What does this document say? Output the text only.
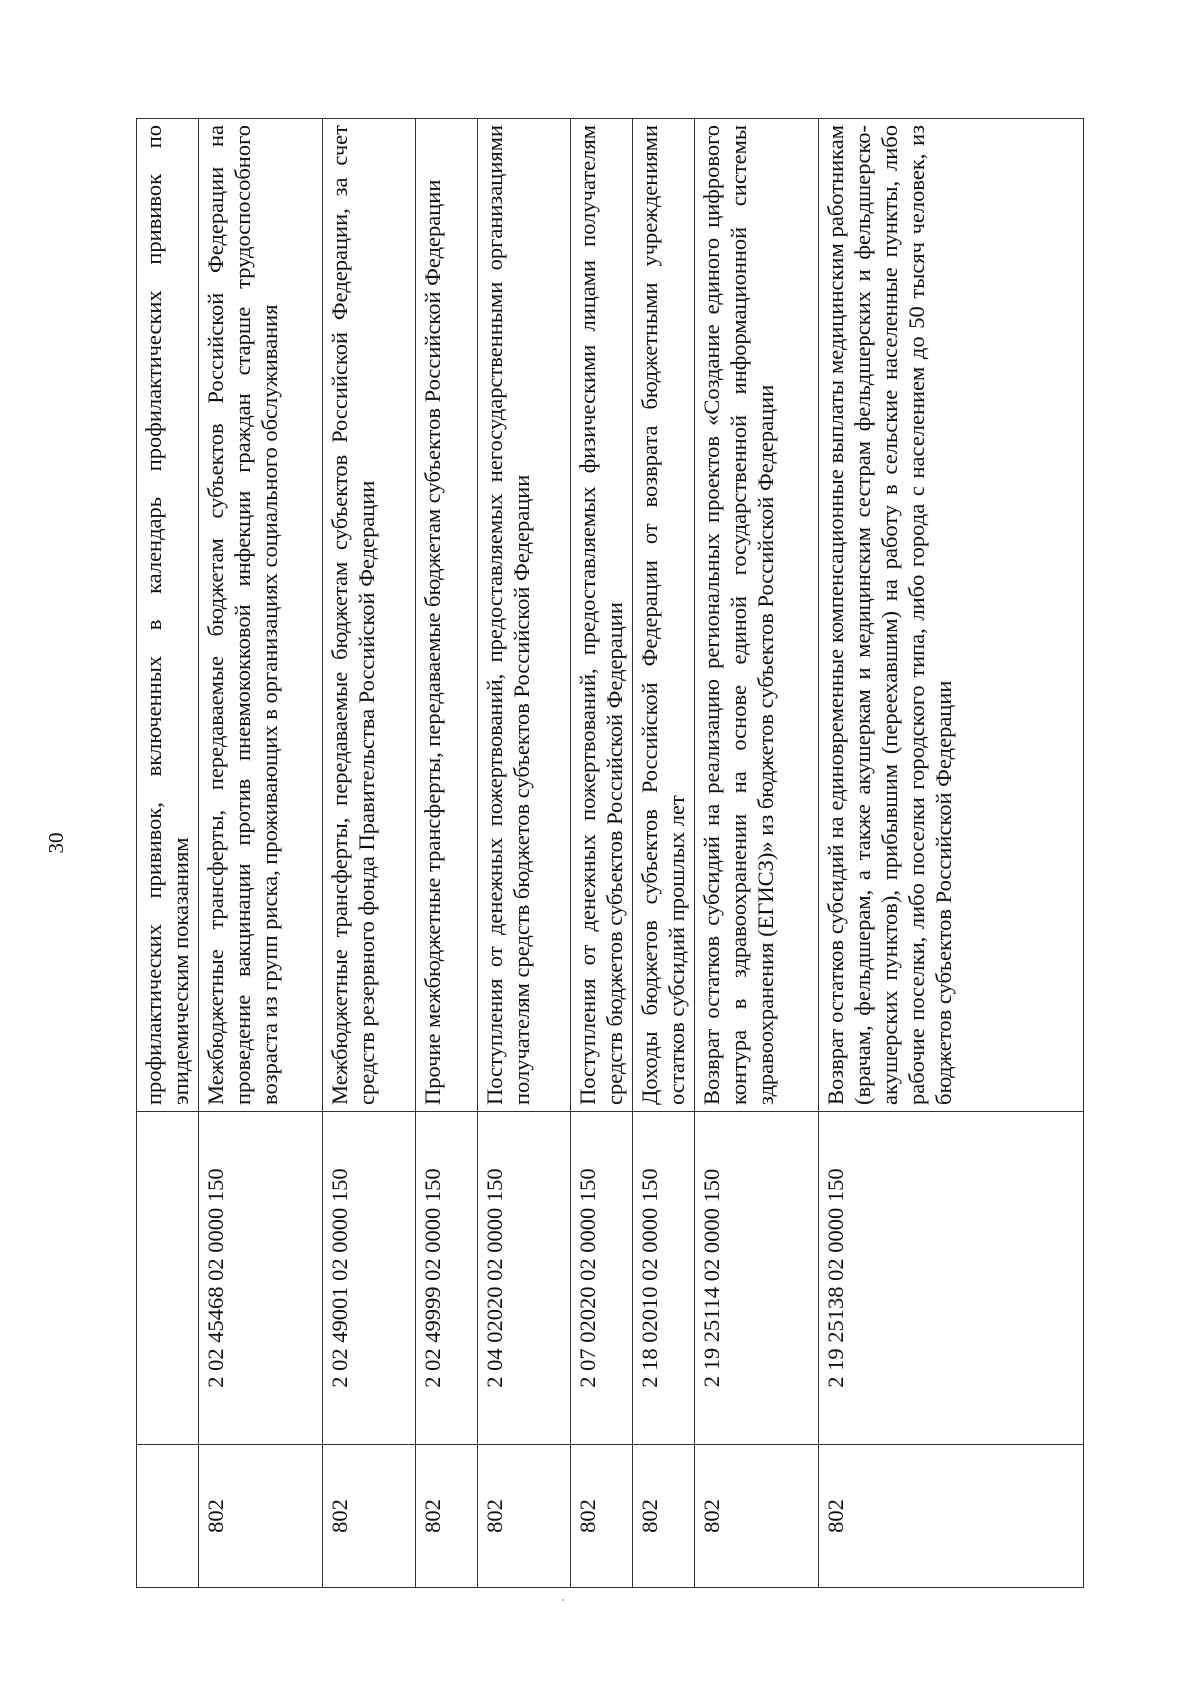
30
			профилактических прививок, включенных в календарь профилактических прививок по эпидемическим показаниям
802	2 02 45468 02 0000 150	Межбюджетные трансферты, передаваемые бюджетам субъектов Российской Федерации на проведение вакцинации против пневмококковой инфекции граждан старше трудоспособного возраста из групп риска, проживающих в организациях социального обслуживания
802	2 02 49001 02 0000 150	Межбюджетные трансферты, передаваемые бюджетам субъектов Российской Федерации, за счет средств резервного фонда Правительства Российской Федерации
802	2 02 49999 02 0000 150	Прочие межбюджетные трансферты, передаваемые бюджетам субъектов Российской Федерации
802	2 04 02020 02 0000 150	Поступления от денежных пожертвований, предоставляемых негосударственными организациями получателям средств бюджетов субъектов Российской Федерации
802	2 07 02020 02 0000 150	Поступления от денежных пожертвований, предоставляемых физическими лицами получателям средств бюджетов субъектов Российской Федерации
802	2 18 02010 02 0000 150	Доходы бюджетов субъектов Российской Федерации от возврата бюджетными учреждениями остатков субсидий прошлых лет
802	2 19 25114 02 0000 150	Возврат остатков субсидий на реализацию региональных проектов «Создание единого цифрового контура в здравоохранении на основе единой государственной информационной системы здравоохранения (ЕГИСЗ)» из бюджетов субъектов Российской Федерации
802	2 19 25138 02 0000 150	Возврат остатков субсидий на единовременные компенсационные выплаты медицинским работникам (врачам, фельдшерам, а также акушеркам и медицинским сестрам фельдшерских и фельдшерско-акушерских пунктов), прибывшим (переехавшим) на работу в сельские населенные пункты, либо рабочие поселки, либо поселки городского типа, либо города с населением до 50 тысяч человек, из бюджетов субъектов Российской Федерации
